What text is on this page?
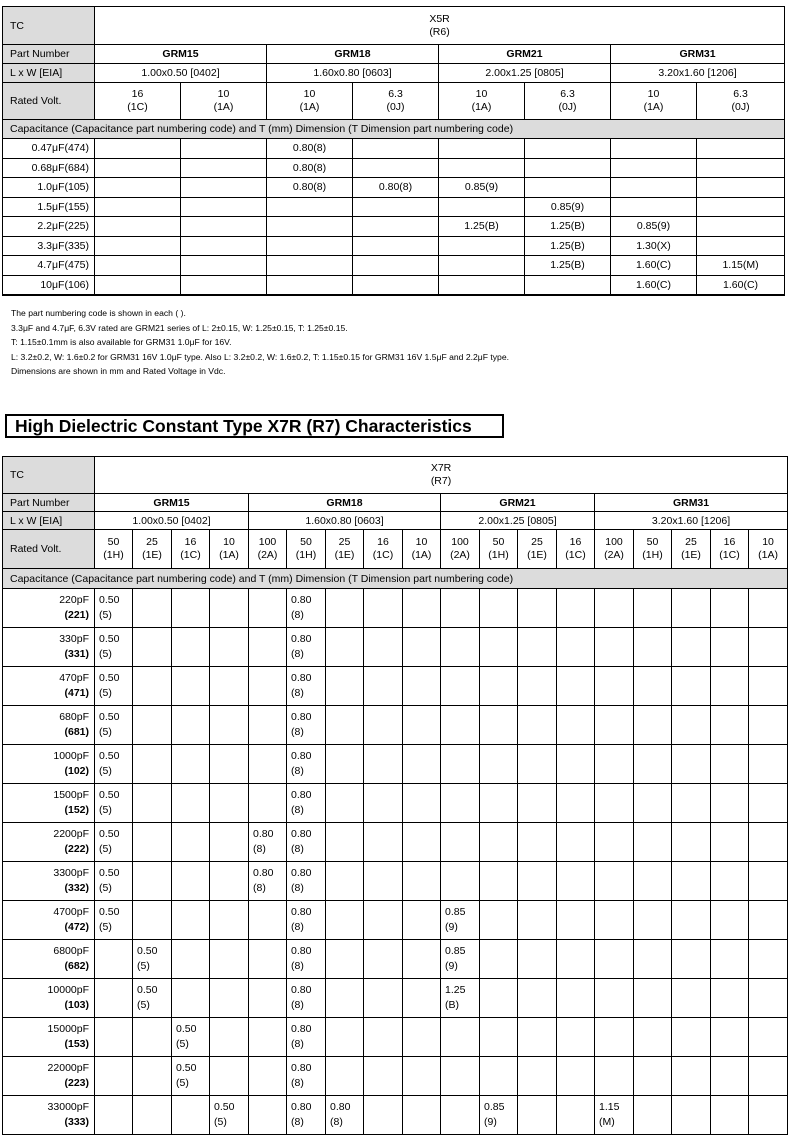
TC	X5R
(R6)							

Part Number	GRM15		GRM18		GRM21		GRM31	
L x W [EIA]	1.00x0.50 [0402]		1.60x0.80 [0603]		2.00x1.25 [0805]		3.20x1.60 [1206]	
Rated Volt.	16
(1C)	10
(1A)	10
(1A)	6.3
(0J)	10
(1A)	6.3
(0J)	10
(1A)	6.3
(0J)

Capacitance (Capacitance part numbering code) and T (mm) Dimension (T Dimension part numbering code)								
0.47μF(474)			0.80(8)					
0.68μF(684)			0.80(8)					
1.0μF(105)			0.80(8)	0.80(8)	0.85(9)			
1.5μF(155)						0.85(9)		
2.2μF(225)					1.25(B)	1.25(B)	0.85(9)	
3.3μF(335)						1.25(B)	1.30(X)	
4.7μF(475)						1.25(B)	1.60(C)	1.15(M)
10μF(106)							1.60(C)	1.60(C)
The part numbering code is shown in each ( ).
3.3μF and 4.7μF, 6.3V rated are GRM21 series of L: 2±0.15, W: 1.25±0.15, T: 1.25±0.15.
T: 1.15±0.1mm is also available for GRM31 1.0μF for 16V.
L: 3.2±0.2, W: 1.6±0.2 for GRM31 16V 1.0μF type. Also L: 3.2±0.2, W: 1.6±0.2, T: 1.15±0.15 for GRM31 16V 1.5μF and 2.2μF type.
Dimensions are shown in mm and Rated Voltage in Vdc.
High Dielectric Constant Type X7R (R7) Characteristics
TC	X7R
(R7)																	

Part Number	GRM15				GRM18					GRM21				GRM31				
L x W [EIA]	1.00x0.50 [0402]				1.60x0.80 [0603]					2.00x1.25 [0805]				3.20x1.60 [1206]				
Rated Volt.	50
(1H)	25
(1E)	16
(1C)	10
(1A)	100
(2A)	50
(1H)	25
(1E)	16
(1C)	10
(1A)	100
(2A)	50
(1H)	25
(1E)	16
(1C)	100
(2A)	50
(1H)	25
(1E)	16
(1C)	10
(1A)

Capacitance (Capacitance part numbering code) and T (mm) Dimension (T Dimension part numbering code)																		

220pF
(221)	0.50
(5)					0.80
(8)												

330pF
(331)	0.50
(5)					0.80
(8)												

470pF
(471)	0.50
(5)					0.80
(8)												

680pF
(681)	0.50
(5)					0.80
(8)												

1000pF
(102)	0.50
(5)					0.80
(8)												

1500pF
(152)	0.50
(5)					0.80
(8)												

2200pF
(222)	0.50
(5)				0.80
(8)	0.80
(8)												

3300pF
(332)	0.50
(5)				0.80
(8)	0.80
(8)												

4700pF
(472)	0.50
(5)					0.80
(8)				0.85
(9)								

6800pF
(682)		0.50
(5)				0.80
(8)				0.85
(9)								

10000pF
(103)		0.50
(5)				0.80
(8)				1.25
(B)								

15000pF
(153)			0.50
(5)			0.80
(8)												

22000pF
(223)			0.50
(5)			0.80
(8)												

33000pF
(333)				0.50
(5)		0.80
(8)	0.80
(8)				0.85
(9)			1.15
(M)				
